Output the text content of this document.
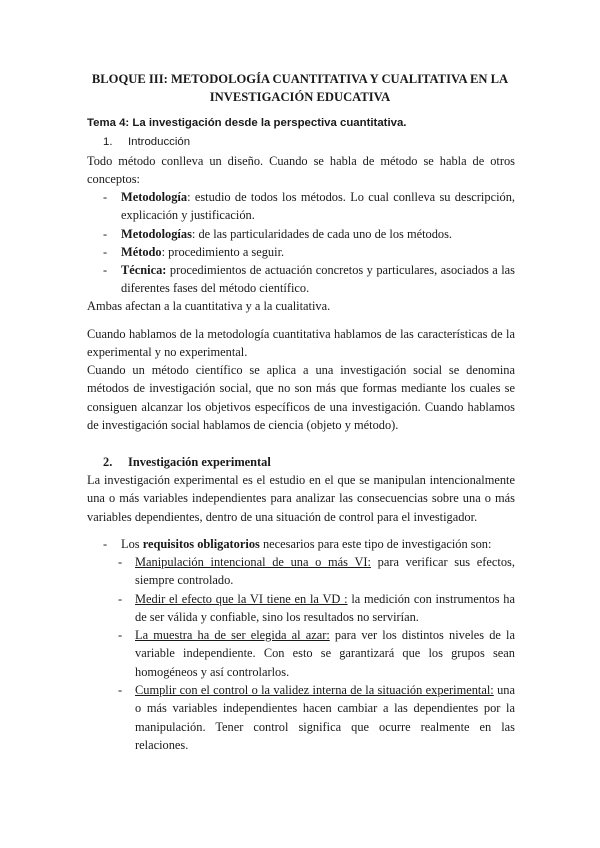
BLOQUE III: METODOLOGÍA CUANTITATIVA Y CUALITATIVA EN LA
INVESTIGACIÓN EDUCATIVA
Tema 4: La investigación desde la perspectiva cuantitativa.
1. Introducción

Todo método conlleva un diseño. Cuando se habla de método se habla de otros conceptos:

- Metodología: estudio de todos los métodos. Lo cual conlleva su descripción, explicación y justificación.
- Metodologías: de las particularidades de cada uno de los métodos.
- Método: procedimiento a seguir.
- Técnica: procedimientos de actuación concretos y particulares, asociados a las diferentes fases del método científico.

Ambas afectan a la cuantitativa y a la cualitativa.

Cuando hablamos de la metodología cuantitativa hablamos de las características de la experimental y no experimental.

Cuando un método científico se aplica a una investigación social se denomina métodos de investigación social, que no son más que formas mediante los cuales se consiguen alcanzar los objetivos específicos de una investigación. Cuando hablamos de investigación social hablamos de ciencia (objeto y método).

2. Investigación experimental

La investigación experimental es el estudio en el que se manipulan intencionalmente una o más variables independientes para analizar las consecuencias sobre una o más variables dependientes, dentro de una situación de control para el investigador.

- Los requisitos obligatorios necesarios para este tipo de investigación son:
- Manipulación intencional de una o más VI: para verificar sus efectos, siempre controlado.
- Medir el efecto que la VI tiene en la VD : la medición con instrumentos ha de ser válida y confiable, sino los resultados no servirían.
- La muestra ha de ser elegida al azar: para ver los distintos niveles de la variable independiente. Con esto se garantizará que los grupos sean homogéneos y así controlarlos.
- Cumplir con el control o la validez interna de la situación experimental: una o más variables independientes hacen cambiar a las dependientes por la manipulación. Tener control significa que ocurre realmente en las relaciones.
